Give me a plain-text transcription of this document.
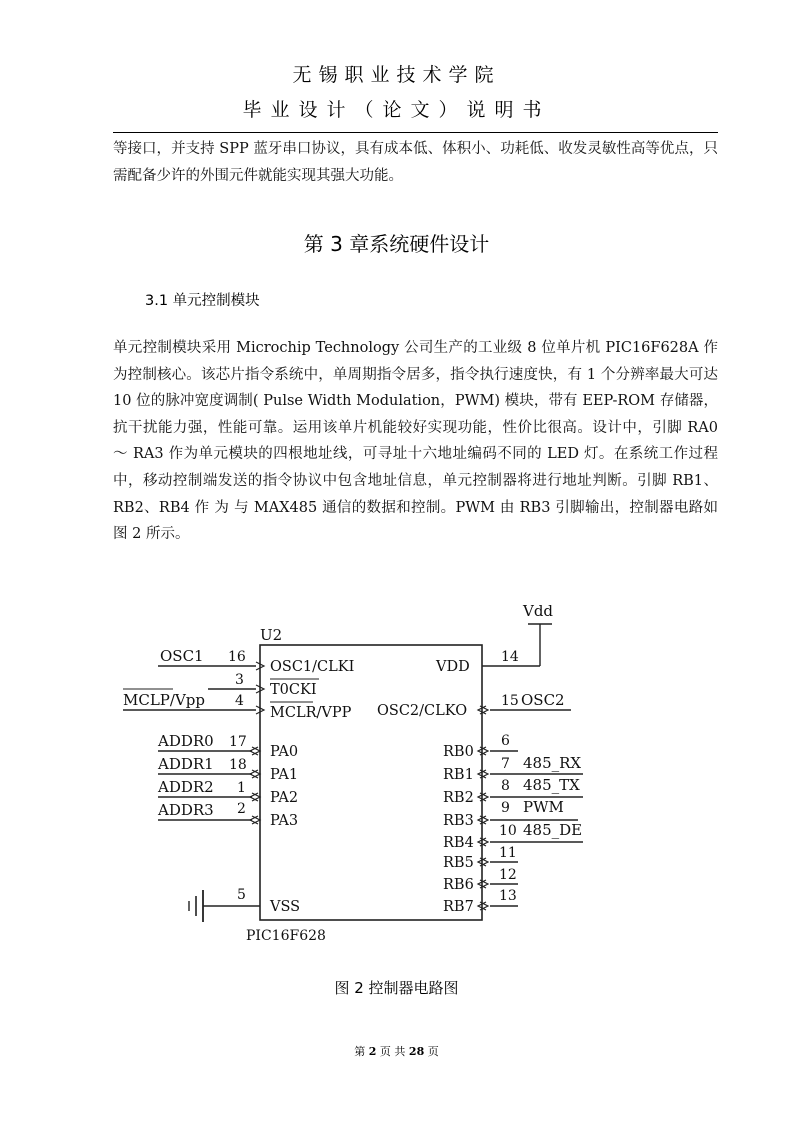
无锡职业技术学院
毕业设计（论文）说明书

等接口，并支持 SPP 蓝牙串口协议，具有成本低、体积小、功耗低、收发灵敏性高等优点，只需配备少许的外围元件就能实现其强大功能。

第 3 章系统硬件设计
3.1 单元控制模块

单元控制模块采用 Microchip Technology 公司生产的工业级 8 位单片机 PIC16F628A 作为控制核心。该芯片指令系统中，单周期指令居多，指令执行速度快，有 1 个分辨率最大可达 10 位的脉冲宽度调制( Pulse Width Modulation，PWM) 模块，带有 EEP-ROM 存储器，抗干扰能力强，性能可靠。运用该单片机能较好实现功能，性价比很高。设计中，引脚 RA0 ～ RA3 作为单元模块的四根地址线，可寻址十六地址编码不同的 LED 灯。在系统工作过程中，移动控制端发送的指令协议中包含地址信息，单元控制器将进行地址判断。引脚 RB1、RB2、RB4 作 为 与 MAX485 通信的数据和控制。PWM 由 RB3 引脚输出，控制器电路如图 2 所示。

U2
PIC16F628
Vdd
16
OSC1
OSC1/CLKI
3
T0CKI
4
MCLP/Vpp
MCLR/VPP
17
ADDR0
PA0
18
ADDR1
PA1
1
ADDR2
PA2
2
ADDR3
PA3
5
VSS
14
VDD
15 OSC2
OSC2/CLKO
6
RB0
7 485_RX
RB1
8 485_TX
RB2
9 PWM
RB3
10 485_DE
RB4
11
RB5
12
RB6
13
RB7
图 2 控制器电路图
第 2 页 共 28 页
